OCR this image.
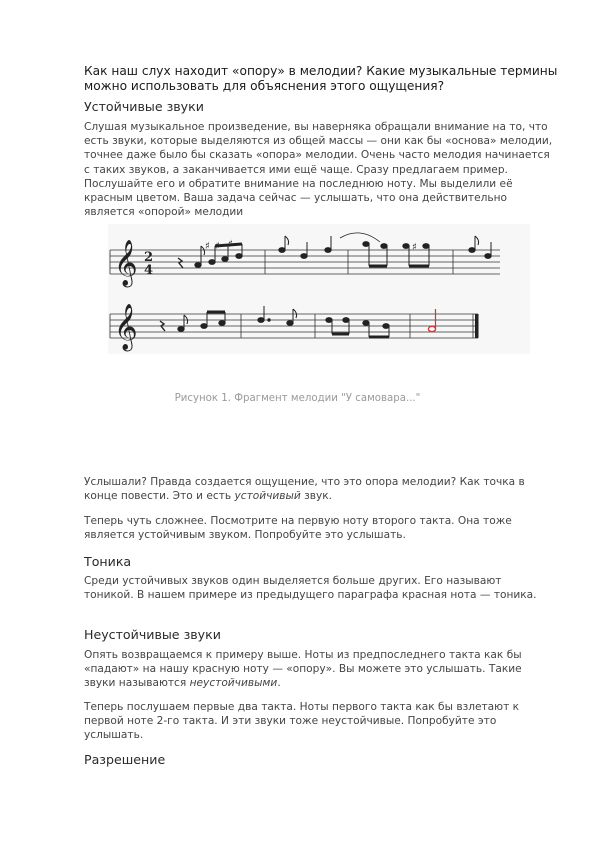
Как наш слух находит «опору» в мелодии? Какие музыкальные термины можно использовать для объяснения этого ощущения?
Устойчивые звуки
Слушая музыкальное произведение, вы наверняка обращали внимание на то, что есть звуки, которые выделяются из общей массы — они как бы «основа» мелодии, точнее даже было бы сказать «опора» мелодии. Очень часто мелодия начинается с таких звуков, а заканчивается ими ещё чаще. Сразу предлагаем пример. Послушайте его и обратите внимание на последнюю ноту. Мы выделили её красным цветом. Ваша задача сейчас — услышать, что она действительно является «опорой» мелодии
𝄞
𝄞
2
4
♯	♯
Рисунок 1. Фрагмент мелодии "У самовара..."
Услышали? Правда создается ощущение, что это опора мелодии? Как точка в конце повести. Это и есть устойчивый звук.
Теперь чуть сложнее. Посмотрите на первую ноту второго такта. Она тоже является устойчивым звуком. Попробуйте это услышать.
Тоника
Среди устойчивых звуков один выделяется больше других. Его называют тоникой. В нашем примере из предыдущего параграфа красная нота — тоника.
Неустойчивые звуки
Опять возвращаемся к примеру выше. Ноты из предпоследнего такта как бы «падают» на нашу красную ноту — «опору». Вы можете это услышать. Такие звуки называются неустойчивыми.
Теперь послушаем первые два такта. Ноты первого такта как бы взлетают к первой ноте 2-го такта. И эти звуки тоже неустойчивые. Попробуйте это услышать.
Разрешение
